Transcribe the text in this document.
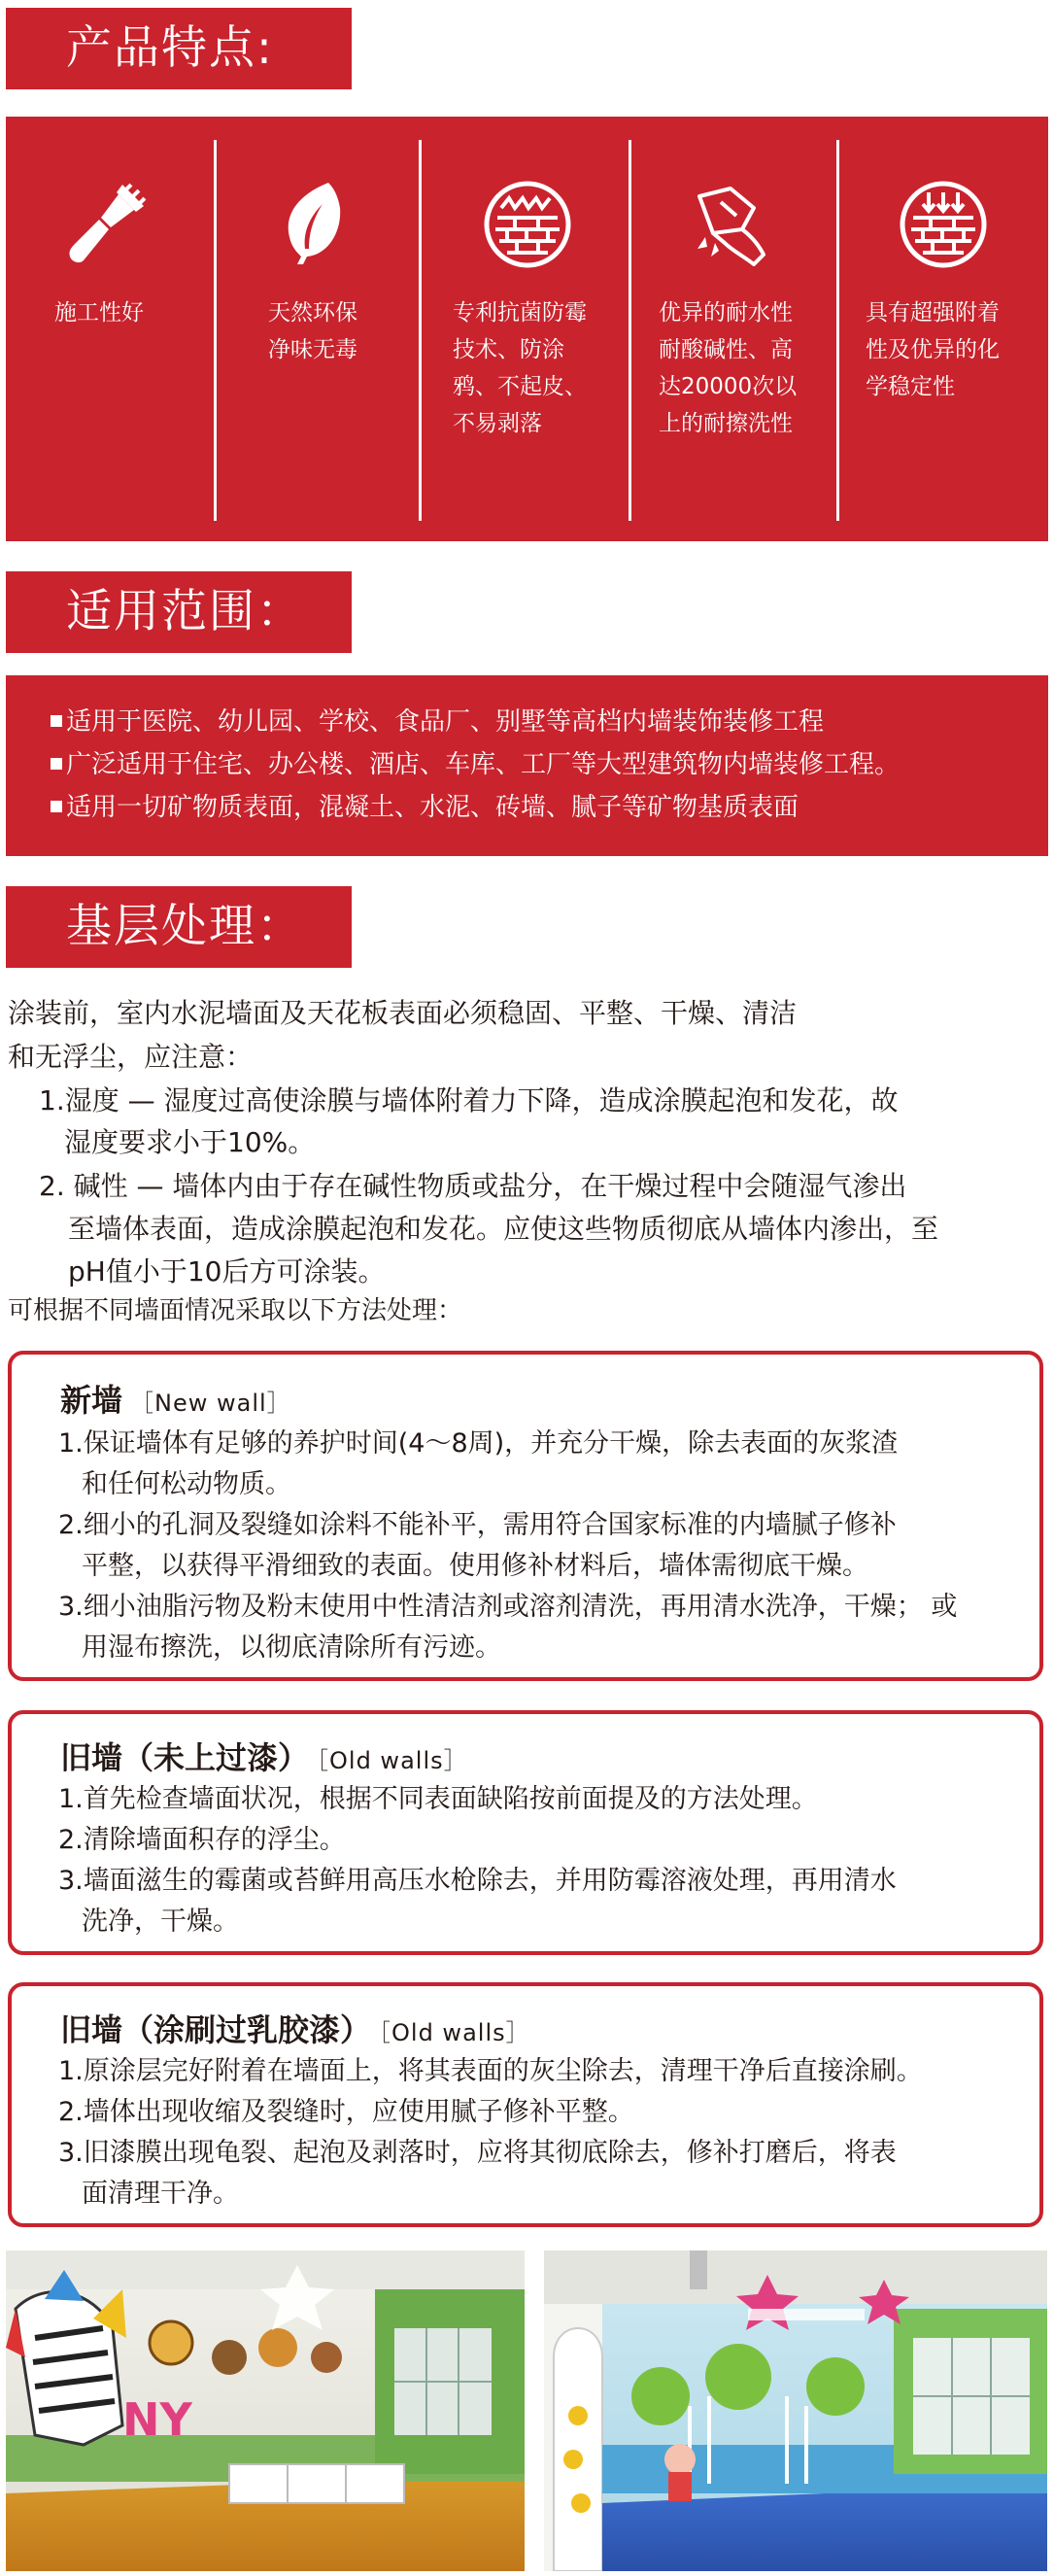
产品特点:
施工性好	天然环保
净味无毒
专利抗菌防霉
技术、防涂
鸦、不起皮、
不易剥落
优异的耐水性
耐酸碱性、高
达20000次以
上的耐擦洗性
具有超强附着
性及优异的化
学稳定性
适用范围：
适用于医院、幼儿园、学校、食品厂、别墅等高档内墙装饰装修工程
广泛适用于住宅、办公楼、酒店、车库、工厂等大型建筑物内墙装修工程。
适用一切矿物质表面，混凝土、水泥、砖墙、腻子等矿物基质表面
基层处理：
涂装前，室内水泥墙面及天花板表面必须稳固、平整、干燥、清洁
和无浮尘，应注意：
1.湿度 — 湿度过高使涂膜与墙体附着力下降，造成涂膜起泡和发花，故
湿度要求小于10%。
2. 碱性 — 墙体内由于存在碱性物质或盐分，在干燥过程中会随湿气渗出
至墙体表面，造成涂膜起泡和发花。应使这些物质彻底从墙体内渗出，至
pH值小于10后方可涂装。
可根据不同墙面情况采取以下方法处理：
新墙 ［New wall］
1.保证墙体有足够的养护时间(4～8周)，并充分干燥，除去表面的灰浆渣
和任何松动物质。
2.细小的孔洞及裂缝如涂料不能补平，需用符合国家标准的内墙腻子修补
平整，以获得平滑细致的表面。使用修补材料后，墙体需彻底干燥。
3.细小油脂污物及粉末使用中性清洁剂或溶剂清洗，再用清水洗净，干燥； 或
用湿布擦洗，以彻底清除所有污迹。
旧墙（未上过漆） ［Old walls］
1.首先检查墙面状况，根据不同表面缺陷按前面提及的方法处理。
2.清除墙面积存的浮尘。
3.墙面滋生的霉菌或苔鲜用高压水枪除去，并用防霉溶液处理，再用清水
洗净，干燥。
旧墙（涂刷过乳胶漆） ［Old walls］
1.原涂层完好附着在墙面上，将其表面的灰尘除去，清理干净后直接涂刷。
2.墙体出现收缩及裂缝时，应使用腻子修补平整。
3.旧漆膜出现龟裂、起泡及剥落时，应将其彻底除去，修补打磨后，将表
面清理干净。
NY
